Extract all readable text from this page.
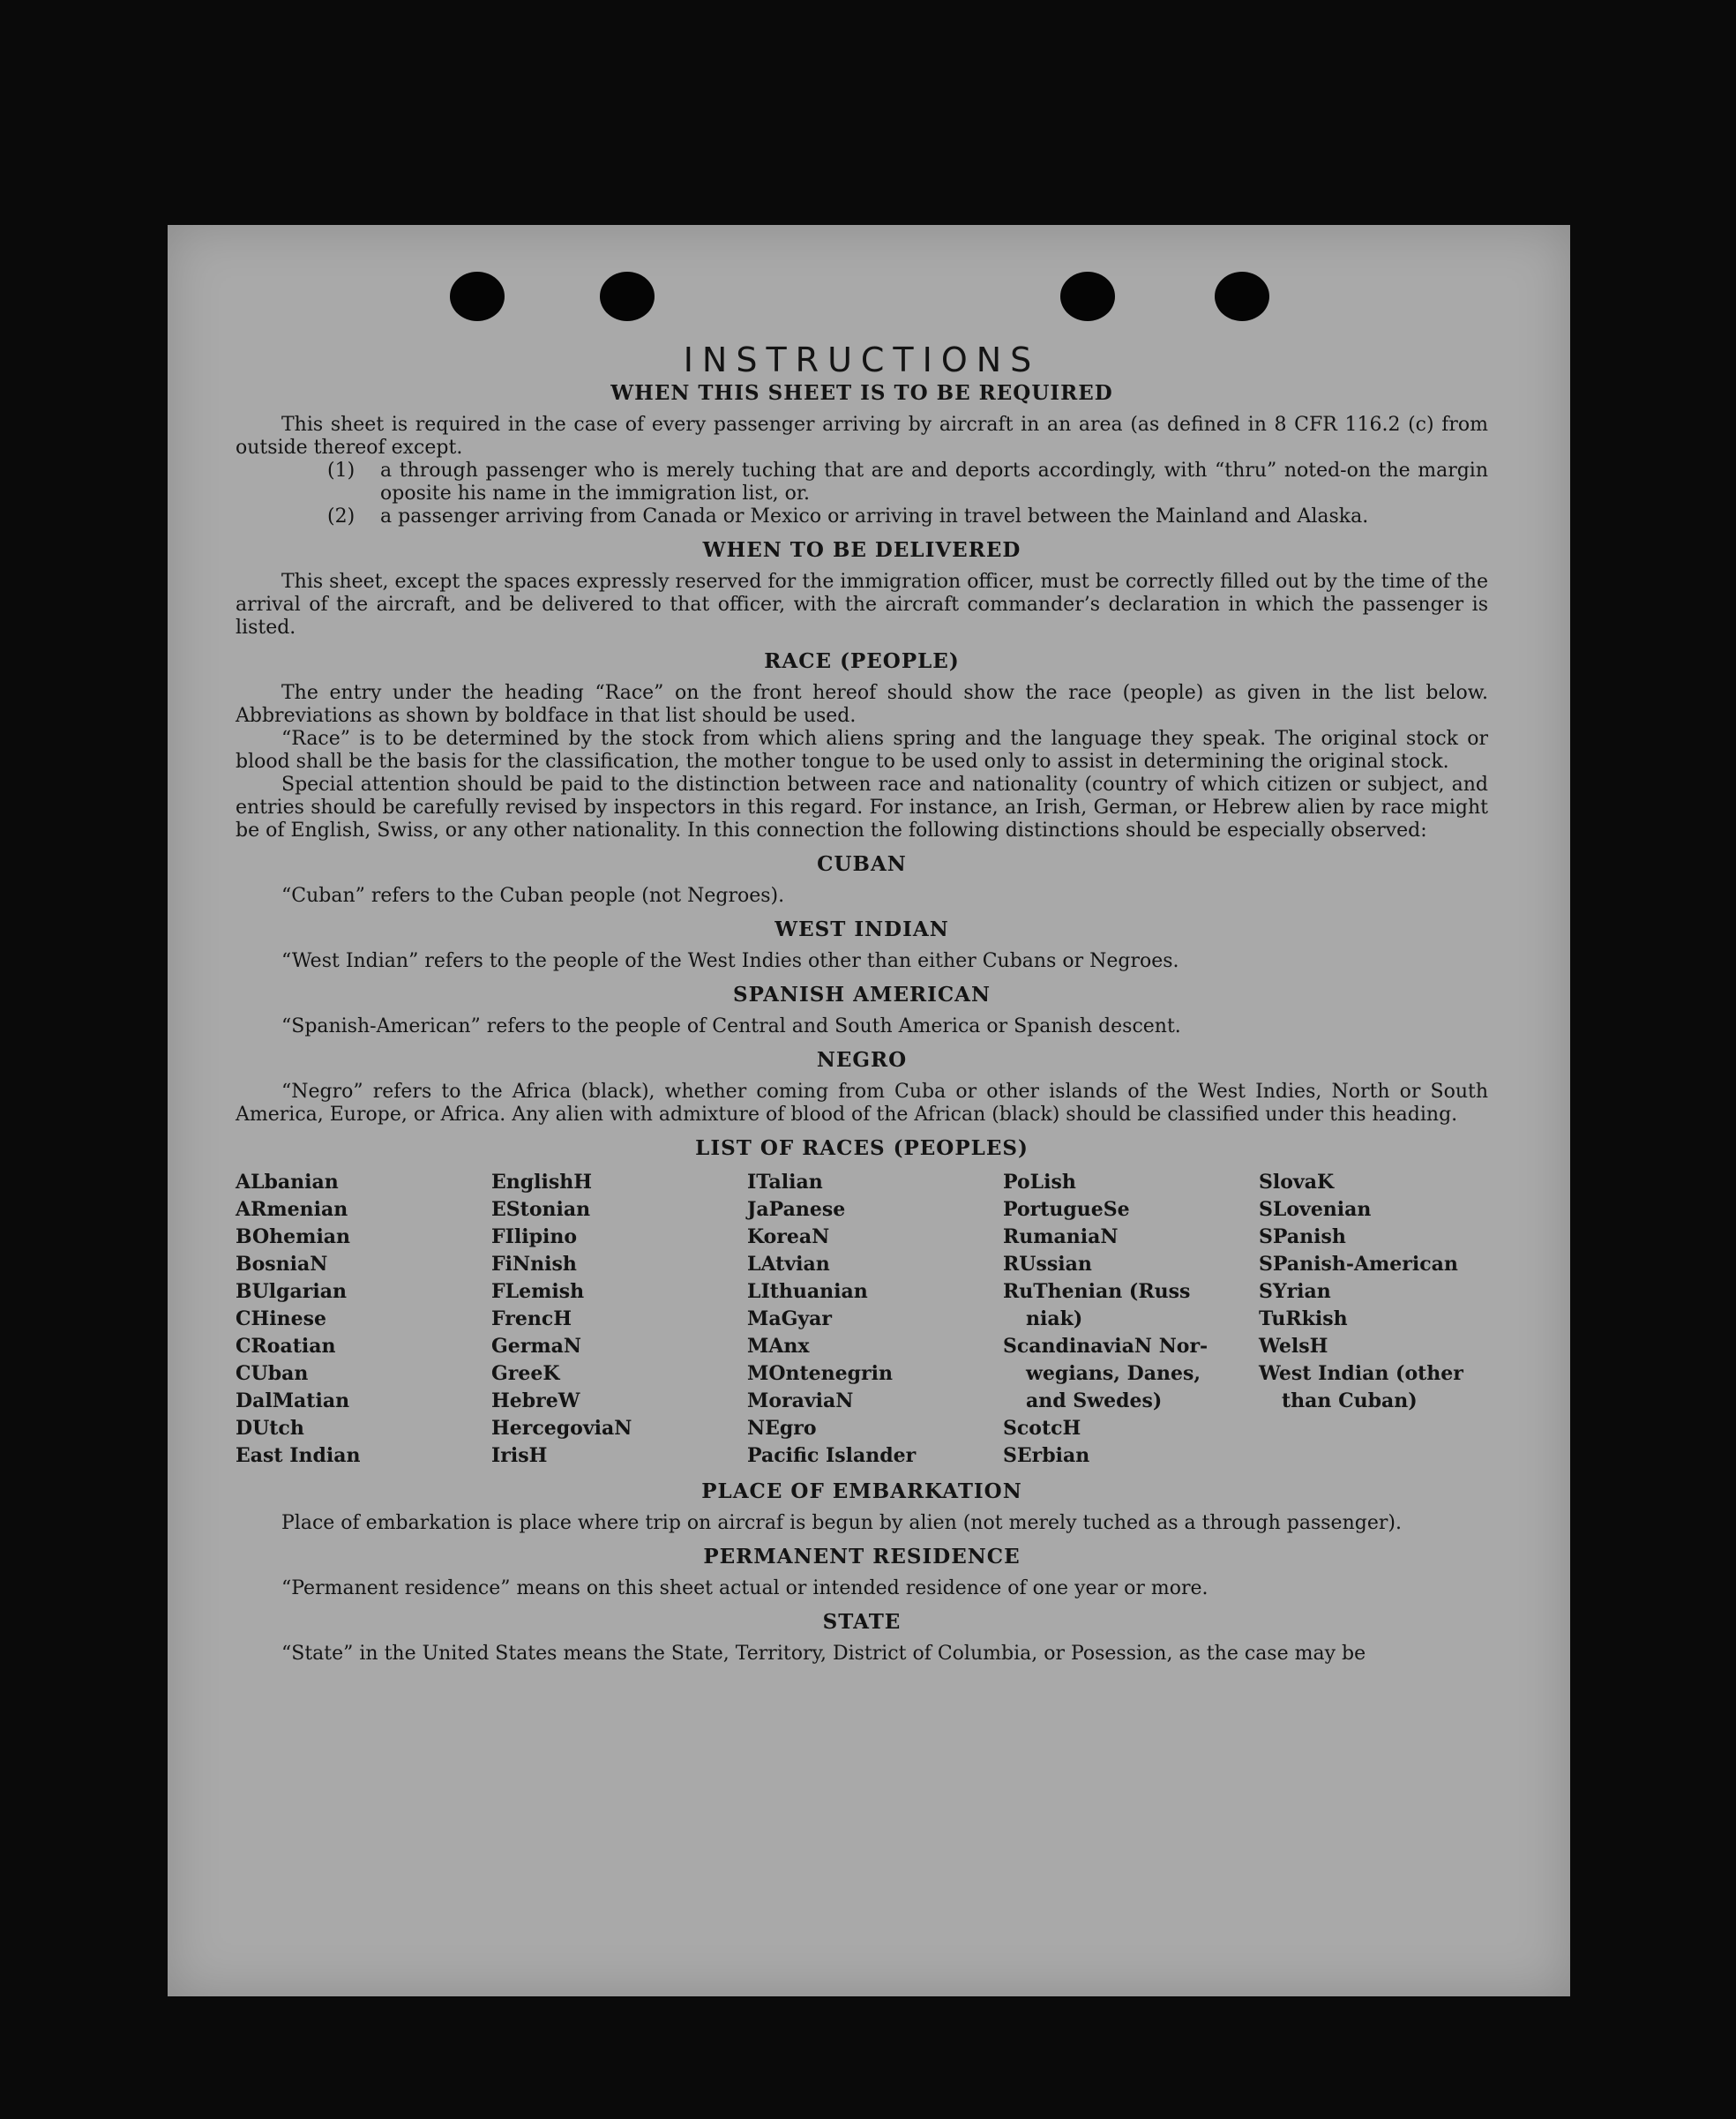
INSTRUCTIONS
WHEN THIS SHEET IS TO BE REQUIRED

This sheet is required in the case of every passenger arriving by aircraft in an area (as defined in 8 CFR 116.2 (c) from outside thereof except.

(1)	a through passenger who is merely tuching that are and deports accordingly, with “thru” noted-on the margin oposite his name in the immigration list, or.
(2)	a passenger arriving from Canada or Mexico or arriving in travel between the Mainland and Alaska.
WHEN TO BE DELIVERED

This sheet, except the spaces expressly reserved for the immigration officer, must be correctly filled out by the time of the arrival of the aircraft, and be delivered to that officer, with the aircraft commander’s declaration in which the passenger is listed.

RACE (PEOPLE)

The entry under the heading “Race” on the front hereof should show the race (people) as given in the list below. Abbreviations as shown by boldface in that list should be used.

“Race” is to be determined by the stock from which aliens spring and the language they speak. The original stock or blood shall be the basis for the classification, the mother tongue to be used only to assist in determining the original stock.

Special attention should be paid to the distinction between race and nationality (country of which citizen or subject, and entries should be carefully revised by inspectors in this regard. For instance, an Irish, German, or Hebrew alien by race might be of English, Swiss, or any other nationality. In this connection the following distinctions should be especially observed:

CUBAN

“Cuban” refers to the Cuban people (not Negroes).

WEST INDIAN

“West Indian” refers to the people of the West Indies other than either Cubans or Negroes.

SPANISH AMERICAN

“Spanish-American” refers to the people of Central and South America or Spanish descent.

NEGRO

“Negro” refers to the Africa (black), whether coming from Cuba or other islands of the West Indies, North or South America, Europe, or Africa. Any alien with admixture of blood of the African (black) should be classified under this heading.

LIST OF RACES (PEOPLES)
ALbanian	EnglishH	ITalian	PoLish	SlovaK
ARmenian	EStonian	JaPanese	PortugueSe	SLovenian
BOhemian	FIlipino	KoreaN	RumaniaN	SPanish
BosniaN	FiNnish	LAtvian	RUssian	SPanish-American
BUlgarian	FLemish	LIthuanian	RuThenian (Russ	SYrian
CHinese	FrencH	MaGyar	niak)	TuRkish
CRoatian	GermaN	MAnx	ScandinaviaN Nor-	WelsH
CUban	GreeK	MOntenegrin	wegians, Danes,	West Indian (other
DalMatian	HebreW	MoraviaN	and Swedes)	than Cuban)
DUtch	HercegoviaN	NEgro	ScotcH
East Indian	IrisH	Pacific Islander	SErbian
PLACE OF EMBARKATION

Place of embarkation is place where trip on aircraf is begun by alien (not merely tuched as a through passenger).

PERMANENT RESIDENCE

“Permanent residence” means on this sheet actual or intended residence of one year or more.

STATE

“State” in the United States means the State, Territory, District of Columbia, or Posession, as the case may be
